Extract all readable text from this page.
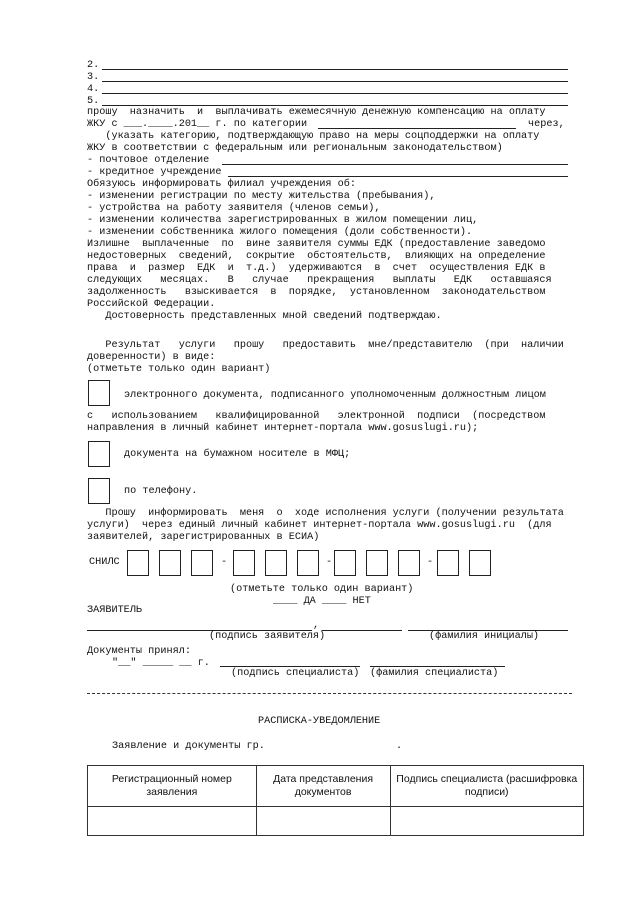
2.
3.
4.
5.
прошу  назначить  и  выплачивать ежемесячную денежную компенсацию на оплату
ЖКУ с ___.____.201__ г. по категории	через,
(указать категорию, подтверждающую право на меры соцподдержки на оплату
ЖКУ в соответствии с федеральным или региональным законодательством)
- почтовое отделение
- кредитное учреждение
Обязуюсь информировать филиал учреждения об:
- изменении регистрации по месту жительства (пребывания),
- устройства на работу заявителя (членов семьи),
- изменении количества зарегистрированных в жилом помещении лиц,
- изменении собственника жилого помещения (доли собственности).
Излишне  выплаченные  по  вине заявителя суммы ЕДК (предоставление заведомо
недостоверных  сведений,  сокрытие  обстоятельств,  влияющих на определение
права  и  размер  ЕДК  и  т.д.)  удерживаются  в  счет  осуществления ЕДК в
следующих   месяцах.   В   случае   прекращения   выплаты   ЕДК   оставшаяся
задолженность   взыскивается  в  порядке,  установленном  законодательством
Российской Федерации.
Достоверность представленных мной сведений подтверждаю.
Результат   услуги   прошу   предоставить  мне/представителю  (при  наличии
доверенности) в виде:
(отметьте только один вариант)
электронного документа, подписанного уполномоченным должностным лицом
с   использованием   квалифицированной   электронной  подписи  (посредством
направления в личный кабинет интернет-портала www.gosuslugi.ru);
документа на бумажном носителе в МФЦ;
по телефону.
Прошу  информировать  меня  о  ходе исполнения услуги (получении результата
услуги)  через единый личный кабинет интернет-портала www.gosuslugi.ru  (для
заявителей, зарегистрированных в ЕСИА)
СНИЛС	-	-	-
(отметьте только один вариант)
____ ДА ____ НЕТ
ЗАЯВИТЕЛЬ
,
(подпись заявителя)	(фамилия инициалы)
Документы принял:
"__" _____ __ г.
(подпись специалиста) (фамилия специалиста)
РАСПИСКА-УВЕДОМЛЕНИЕ
Заявление и документы гр.	.
Регистрационный номер заявления	Дата представления документов	Подпись специалиста (расшифровка подписи)
